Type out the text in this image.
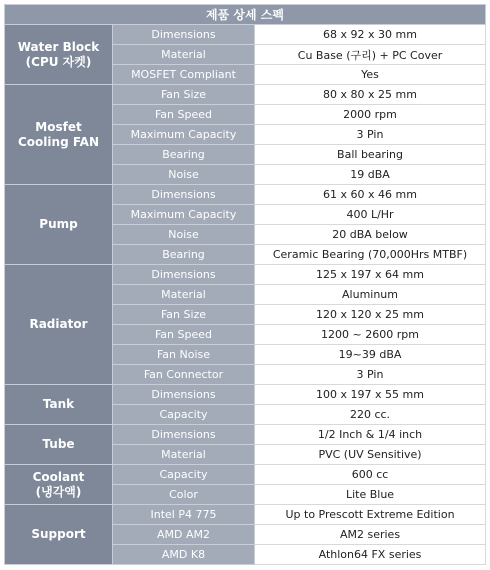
제품 상세 스펙		

Water Block
(CPU 자켓)	Dimensions	68 x 92 x 30 mm
	Material	Cu Base (구리) + PC Cover
	MOSFET Compliant	Yes

Mosfet
Cooling FAN	Fan Size	80 x 80 x 25 mm
	Fan Speed	2000 rpm
	Maximum Capacity	3 Pin
	Bearing	Ball bearing
	Noise	19 dBA

Pump	Dimensions	61 x 60 x 46 mm
	Maximum Capacity	400 L/Hr
	Noise	20 dBA below
	Bearing	Ceramic Bearing (70,000Hrs MTBF)

Radiator	Dimensions	125 x 197 x 64 mm
	Material	Aluminum
	Fan Size	120 x 120 x 25 mm
	Fan Speed	1200 ~ 2600 rpm
	Fan Noise	19~39 dBA
	Fan Connector	3 Pin

Tank	Dimensions	100 x 197 x 55 mm
	Capacity	220 cc.

Tube	Dimensions	1/2 Inch & 1/4 inch
	Material	PVC (UV Sensitive)

Coolant
(냉각액)	Capacity	600 cc
	Color	Lite Blue

Support	Intel P4 775	Up to Prescott Extreme Edition
	AMD AM2	AM2 series
	AMD K8	Athlon64 FX series
